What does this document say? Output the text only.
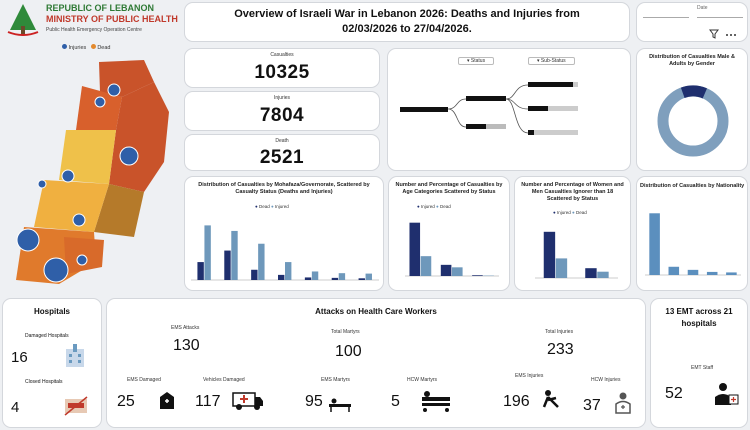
REPUBLIC OF LEBANON
MINISTRY OF PUBLIC HEALTH
Public Health Emergency Operation Centre
Injuries Dead
Overview of Israeli War in Lebanon 2026: Deaths and Injuries from
02/03/2026 to 27/04/2026.
Date
Casualties
10325
Injuries
7804
Death
2521
▾ Status	▾ Sub-Status
Distribution of Casualties Male & Adults by Gender
Distribution of Casualties by Mohafaza/Governorate, Scattered by Casualty Status (Deaths and Injuries)
● Dead ● Injured
Number and Percentage of Casualties by Age Categories Scattered by Status
● Injured ● Dead
Number and Percentage of Women and Men Casualties Ignorer than 18 Scattered by Status
● Injured ● Dead
Distribution of Casualties by Nationality
Hospitals
Damaged Hospitals
16
Closed Hospitals
4
Attacks on Health Care Workers
EMS Attacks
130
Total Martyrs
100
Total Injuries
233
EMS Damaged
25
Vehicles Damaged
117
EMS Martyrs
95
HCW Martyrs
5
EMS Injuries
196
HCW Injuries
37
13 EMT across 21
hospitals
EMT Staff
52
